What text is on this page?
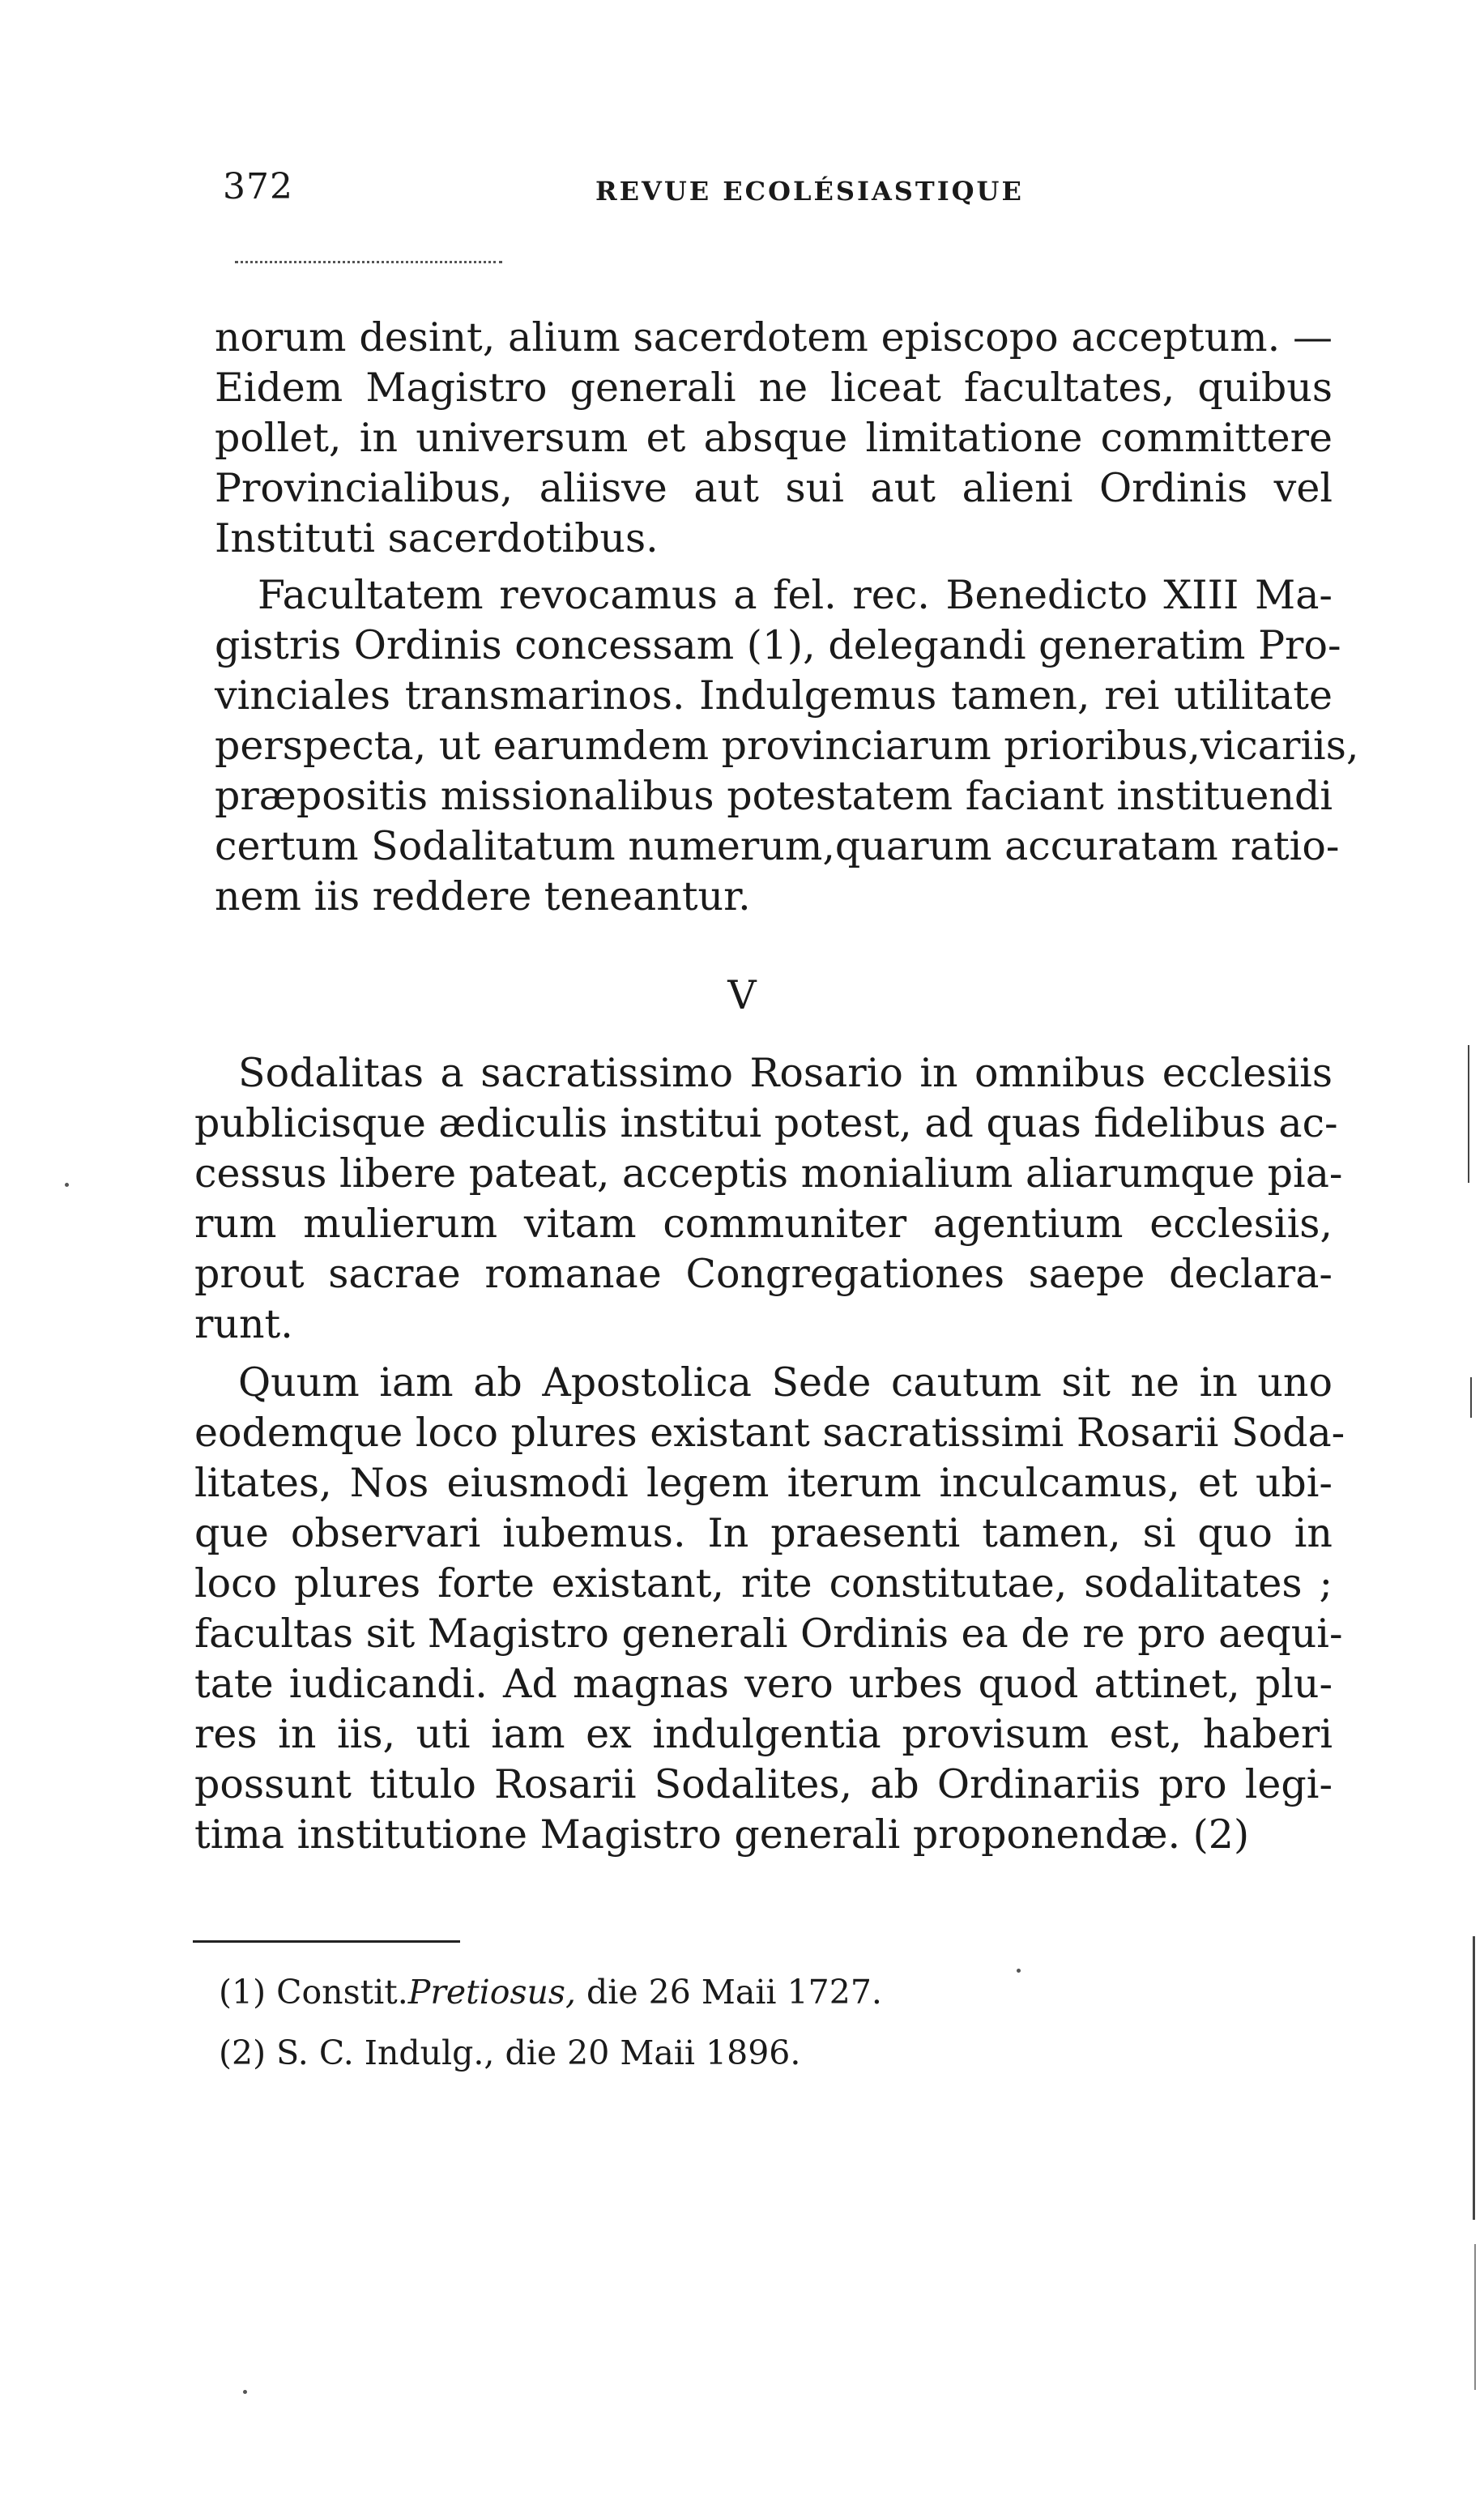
372	REVUE ECOLÉSIASTIQUE
norum desint, alium sacerdotem episcopo acceptum. —
Eidem Magistro generali ne liceat facultates, quibus
pollet, in universum et absque limitatione committere
Provincialibus, aliisve aut sui aut alieni Ordinis vel
Instituti sacerdotibus.
Facultatem revocamus a fel. rec. Benedicto XIII Ma-
gistris Ordinis concessam (1), delegandi generatim Pro-
vinciales transmarinos. Indulgemus tamen, rei utilitate
perspecta, ut earumdem provinciarum prioribus,vicariis,
præpositis missionalibus potestatem faciant instituendi
certum Sodalitatum numerum,quarum accuratam ratio-
nem iis reddere teneantur.
V
Sodalitas a sacratissimo Rosario in omnibus ecclesiis
publicisque ædiculis institui potest, ad quas fidelibus ac-
cessus libere pateat, acceptis monialium aliarumque pia-
rum mulierum vitam communiter agentium ecclesiis,
prout sacrae romanae Congregationes saepe declara-
runt.
Quum iam ab Apostolica Sede cautum sit ne in uno
eodemque loco plures existant sacratissimi Rosarii Soda-
litates, Nos eiusmodi legem iterum inculcamus, et ubi-
que observari iubemus. In praesenti tamen, si quo in
loco plures forte existant, rite constitutae, sodalitates ;
facultas sit Magistro generali Ordinis ea de re pro aequi-
tate iudicandi. Ad magnas vero urbes quod attinet, plu-
res in iis, uti iam ex indulgentia provisum est, haberi
possunt titulo Rosarii Sodalites, ab Ordinariis pro legi-
tima institutione Magistro generali proponendæ. (2)
(1) Constit.Pretiosus, die 26 Maii 1727.
(2) S. C. Indulg., die 20 Maii 1896.
